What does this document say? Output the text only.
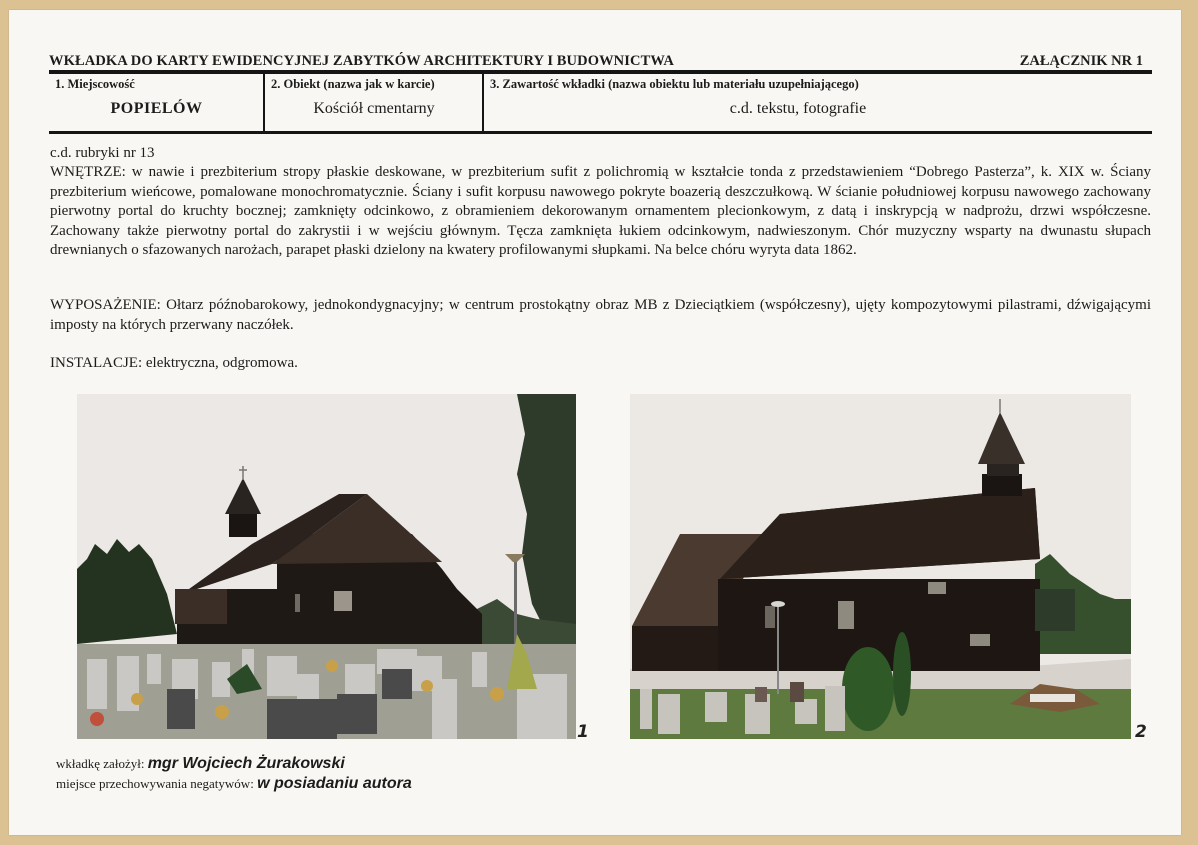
WKŁADKA DO KARTY EWIDENCYJNEJ ZABYTKÓW ARCHITEKTURY I BUDOWNICTWA	ZAŁĄCZNIK NR 1
1. Miejscowość
POPIELÓW
2. Obiekt (nazwa jak w karcie)
Kościół cmentarny
3. Zawartość wkładki (nazwa obiektu lub materiału uzupełniającego)
c.d. tekstu, fotografie
c.d. rubryki nr 13
WNĘTRZE: w nawie i prezbiterium stropy płaskie deskowane, w prezbiterium sufit z polichromią w kształcie tonda z przedstawieniem “Dobrego Pasterza”, k. XIX w. Ściany prezbiterium wieńcowe, pomalowane monochromatycznie. Ściany i sufit korpusu nawowego pokryte boazerią deszczułkową. W ścianie południowej korpusu nawowego zachowany pierwotny portal do kruchty bocznej; zamknięty odcinkowo, z obramieniem dekorowanym ornamentem plecionkowym, z datą i inskrypcją w nadprożu, drzwi współczesne. Zachowany także pierwotny portal do zakrystii i w wejściu głównym. Tęcza zamknięta łukiem odcinkowym, nadwieszonym. Chór muzyczny wsparty na dwunastu słupach drewnianych o sfazowanych narożach, parapet płaski dzielony na kwatery profilowanymi słupkami. Na belce chóru wyryta data 1862.
WYPOSAŻENIE: Ołtarz późnobarokowy, jednokondygnacyjny; w centrum prostokątny obraz MB z Dzieciątkiem (współczesny), ujęty kompozytowymi pilastrami, dźwigającymi imposty na których przerwany naczółek.
INSTALACJE: elektryczna, odgromowa.
1	2
wkładkę założył: mgr Wojciech Żurakowski
miejsce przechowywania negatywów: w posiadaniu autora
